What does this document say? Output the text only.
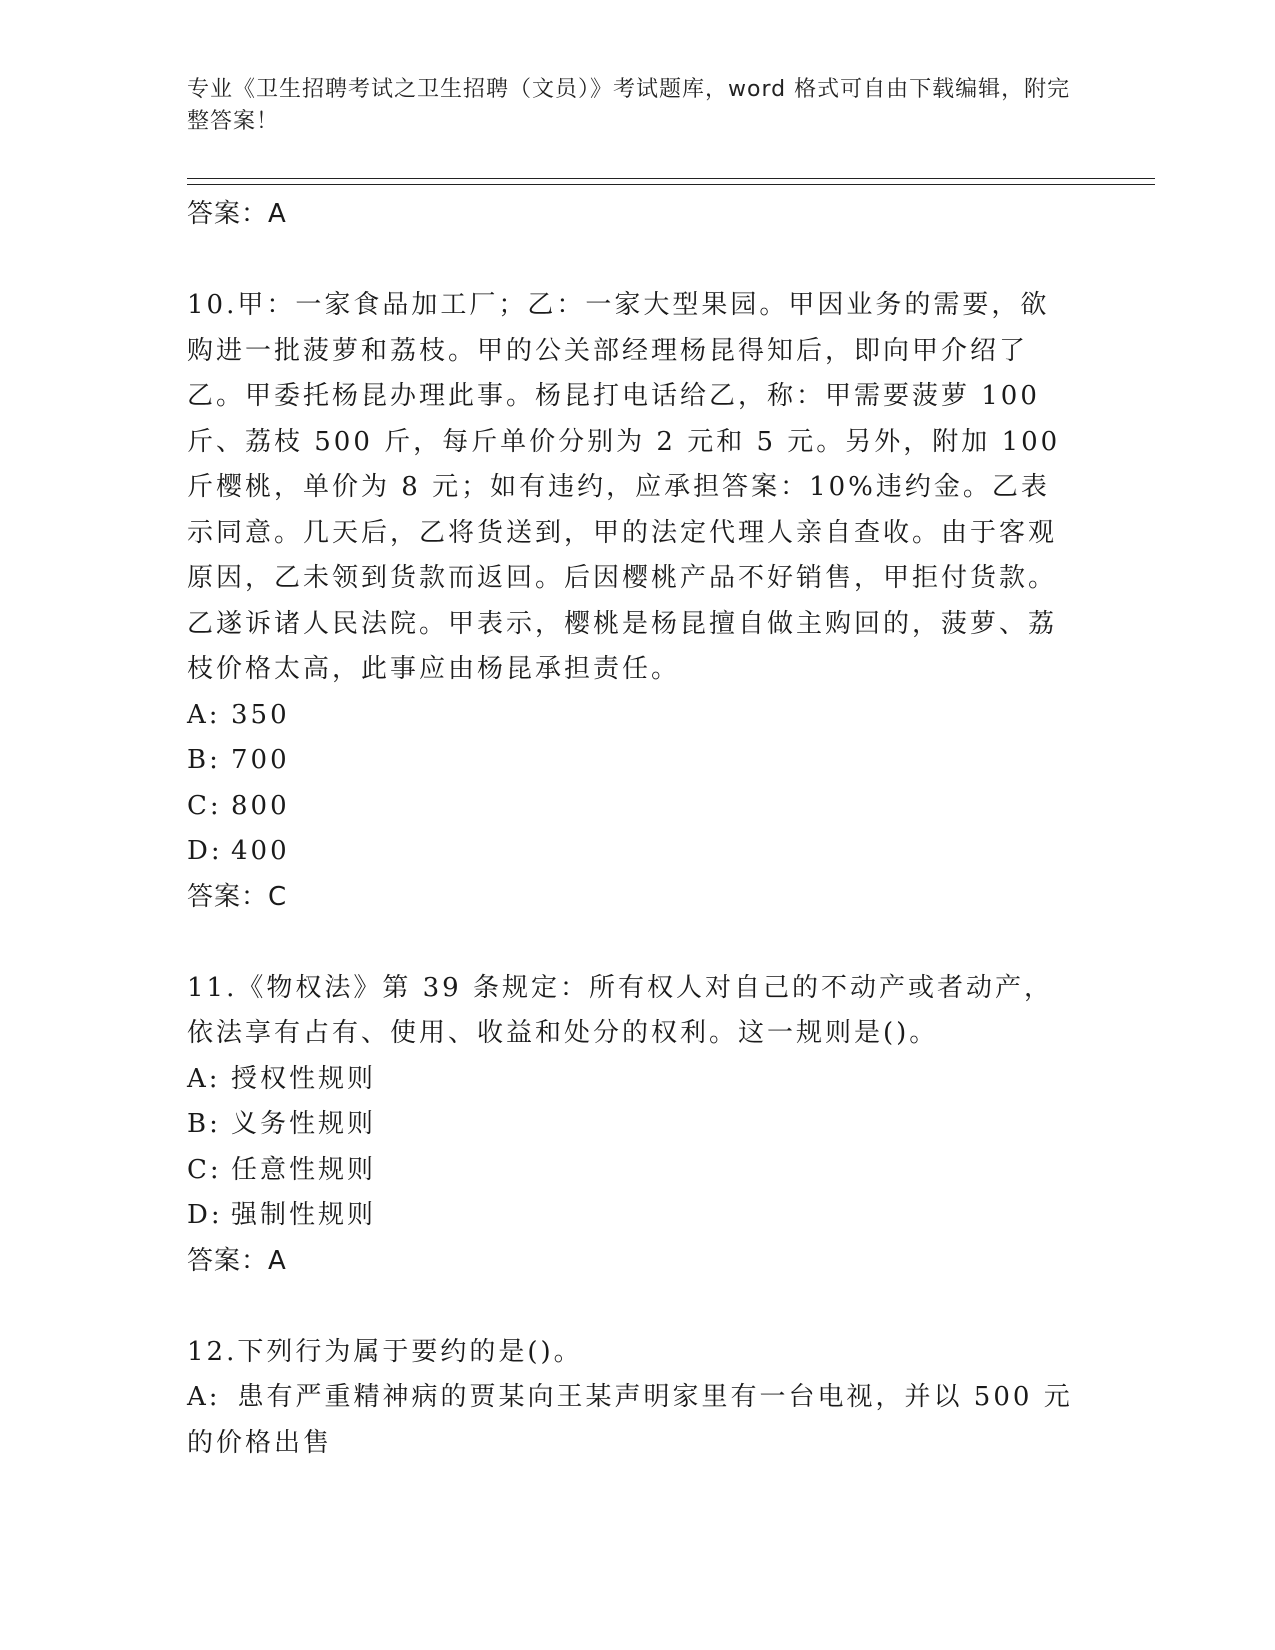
专业《卫生招聘考试之卫生招聘（文员）》考试题库，word 格式可自由下载编辑，附完整答案！
答案：A

10.甲：一家食品加工厂；乙：一家大型果园。甲因业务的需要，欲购进一批菠萝和荔枝。甲的公关部经理杨昆得知后，即向甲介绍了乙。甲委托杨昆办理此事。杨昆打电话给乙，称：甲需要菠萝 100 斤、荔枝 500 斤，每斤单价分别为 2 元和 5 元。另外，附加 100 斤樱桃，单价为 8 元；如有违约，应承担答案：10%违约金。乙表示同意。几天后，乙将货送到，甲的法定代理人亲自查收。由于客观原因，乙未领到货款而返回。后因樱桃产品不好销售，甲拒付货款。乙遂诉诸人民法院。甲表示，樱桃是杨昆擅自做主购回的，菠萝、荔枝价格太高，此事应由杨昆承担责任。

A: 350
B: 700
C: 800
D: 400
答案：C

11.《物权法》第 39 条规定：所有权人对自己的不动产或者动产，依法享有占有、使用、收益和处分的权利。这一规则是()。

A: 授权性规则
B: 义务性规则
C: 任意性规则
D: 强制性规则
答案：A

12.下列行为属于要约的是()。

A: 患有严重精神病的贾某向王某声明家里有一台电视，并以 500 元的价格出售
